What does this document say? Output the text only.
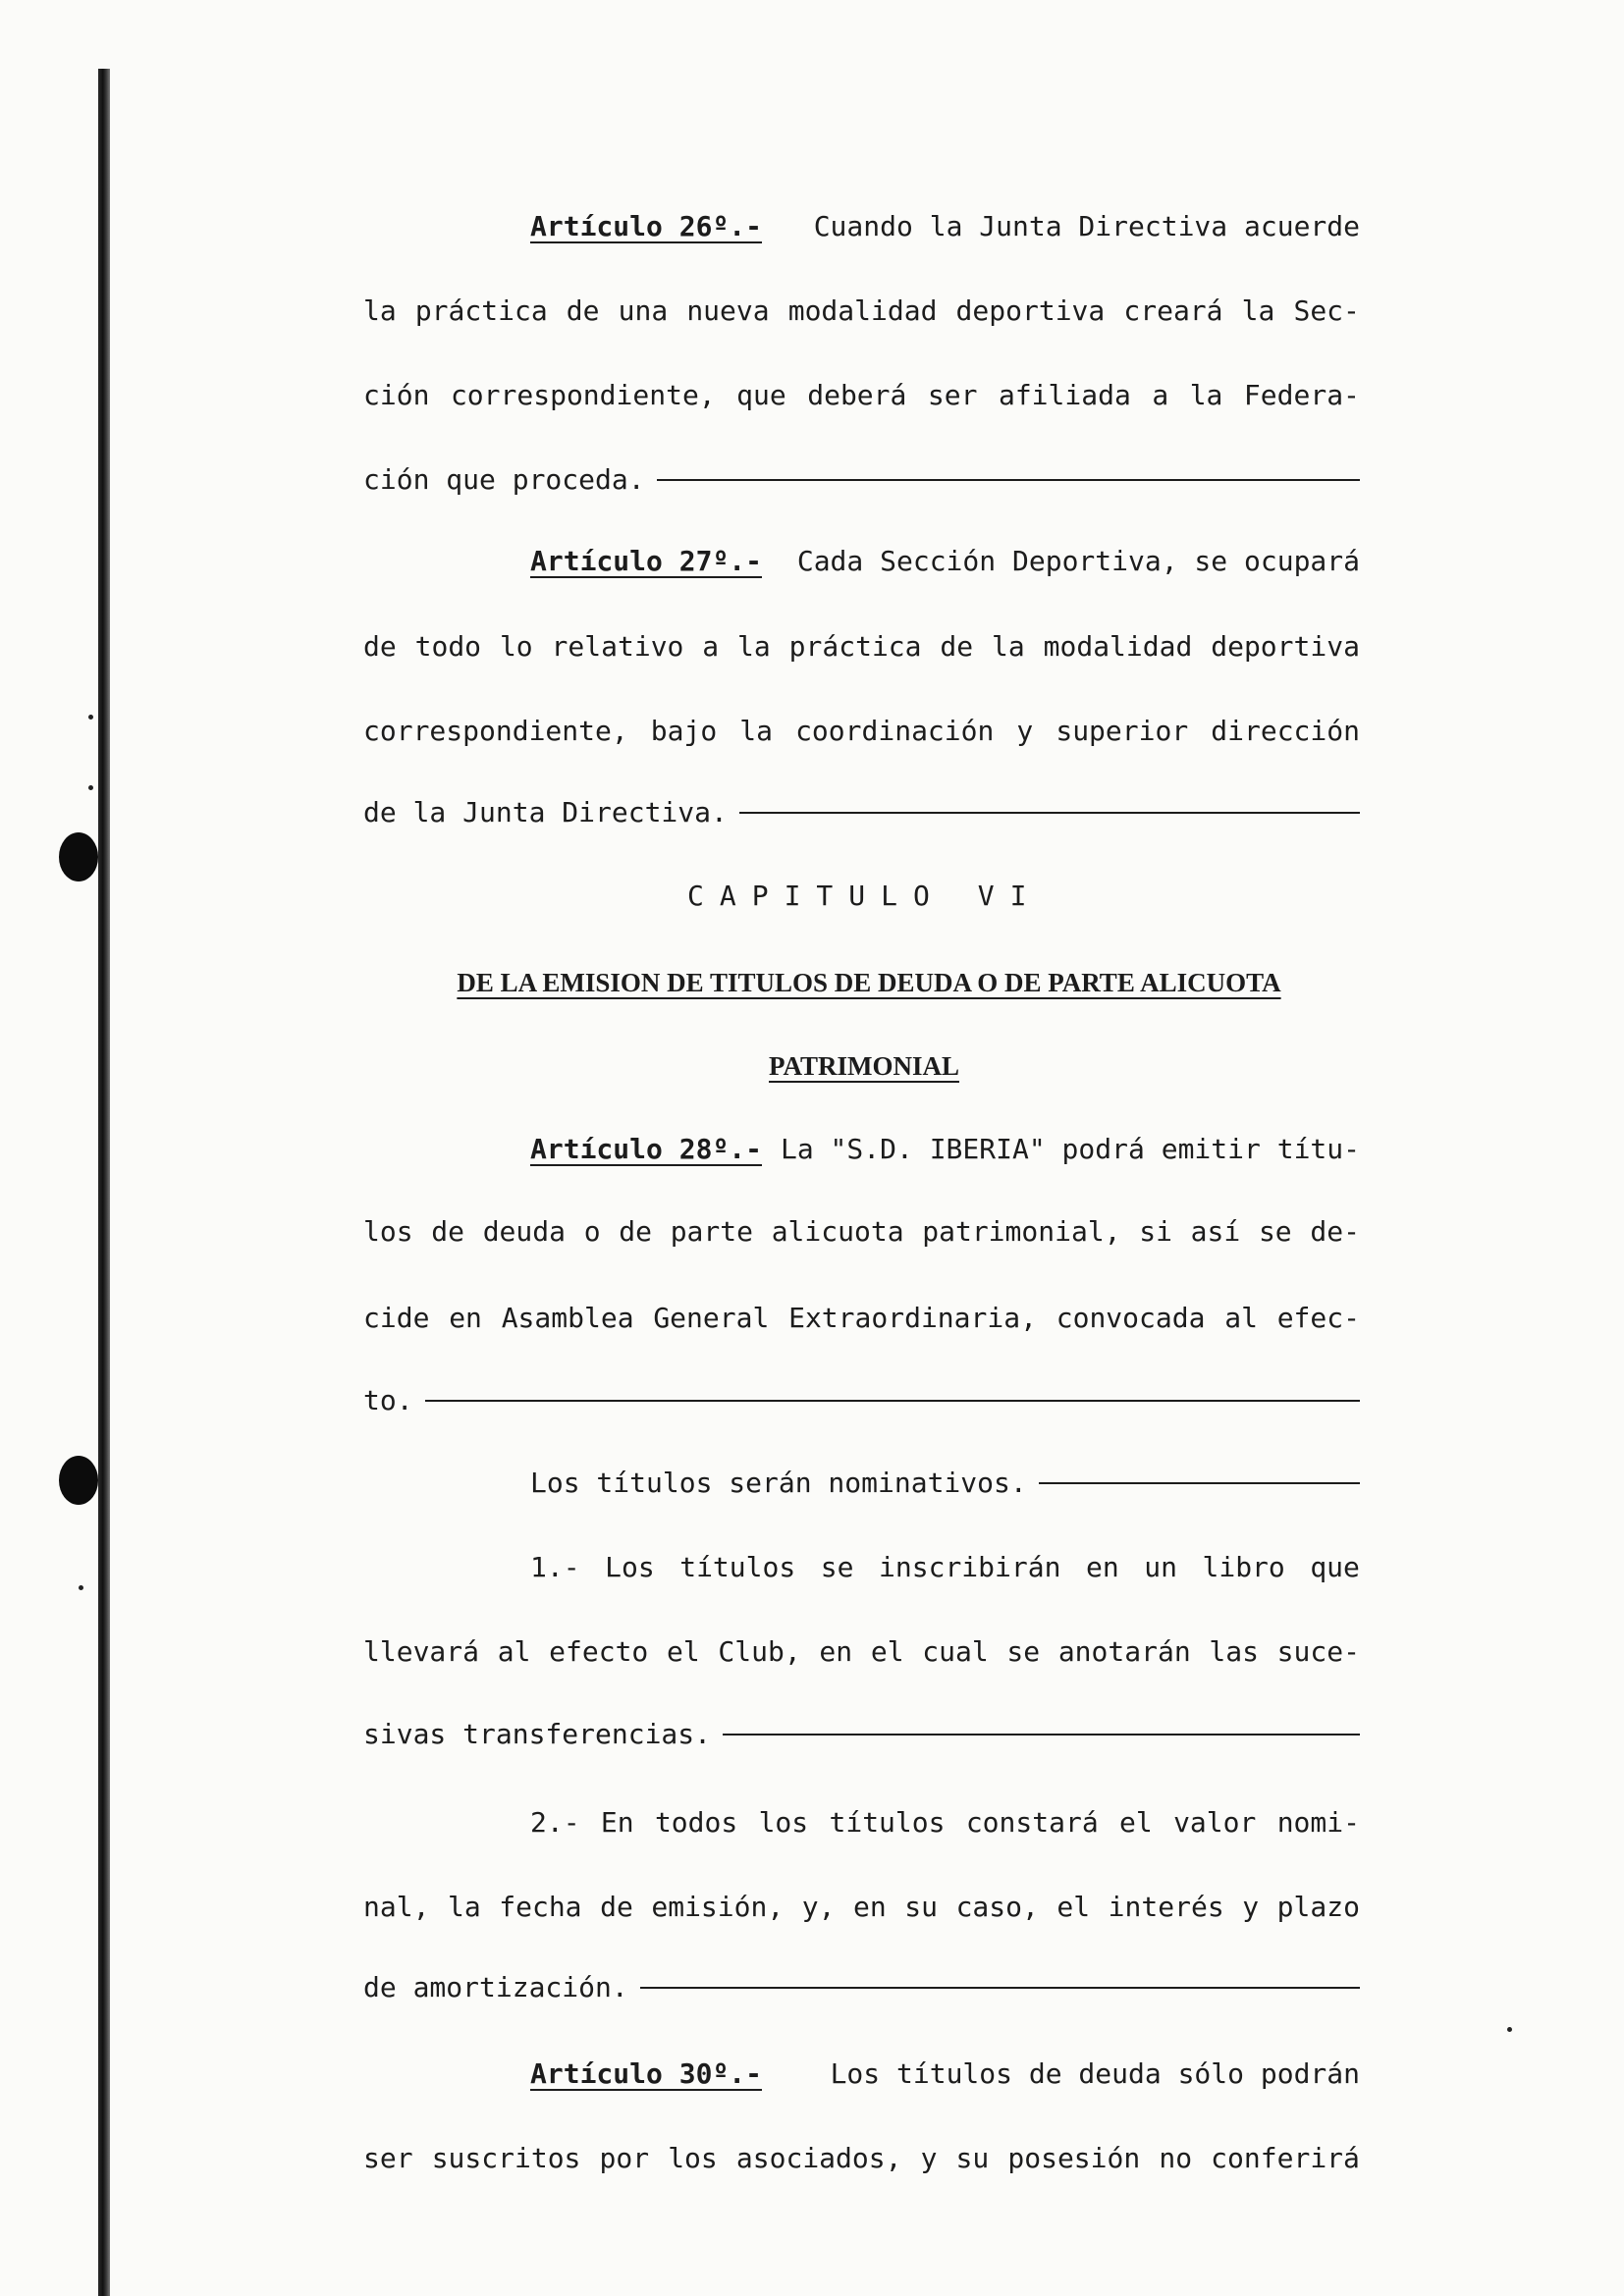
Artículo 26º.- Cuando la Junta Directiva acuerde
la práctica de una nueva modalidad deportiva creará la Sec-
ción correspondiente, que deberá ser afiliada a la Federa-
ción que proceda.
Artículo 27º.- Cada Sección Deportiva, se ocupará
de todo lo relativo a la práctica de la modalidad deportiva
correspondiente, bajo la coordinación y superior dirección
de la Junta Directiva.
CAPITULO VI
DE LA EMISION DE TITULOS DE DEUDA O DE PARTE ALICUOTA
PATRIMONIAL
Artículo 28º.- La "S.D. IBERIA" podrá emitir títu-
los de deuda o de parte alicuota patrimonial, si así se de-
cide en Asamblea General Extraordinaria, convocada al efec-
to.
Los títulos serán nominativos.
1.- Los títulos se inscribirán en un libro que
llevará al efecto el Club, en el cual se anotarán las suce-
sivas transferencias.
2.- En todos los títulos constará el valor nomi-
nal, la fecha de emisión, y, en su caso, el interés y plazo
de amortización.
Artículo 30º.- Los títulos de deuda sólo podrán
ser suscritos por los asociados, y su posesión no conferirá
